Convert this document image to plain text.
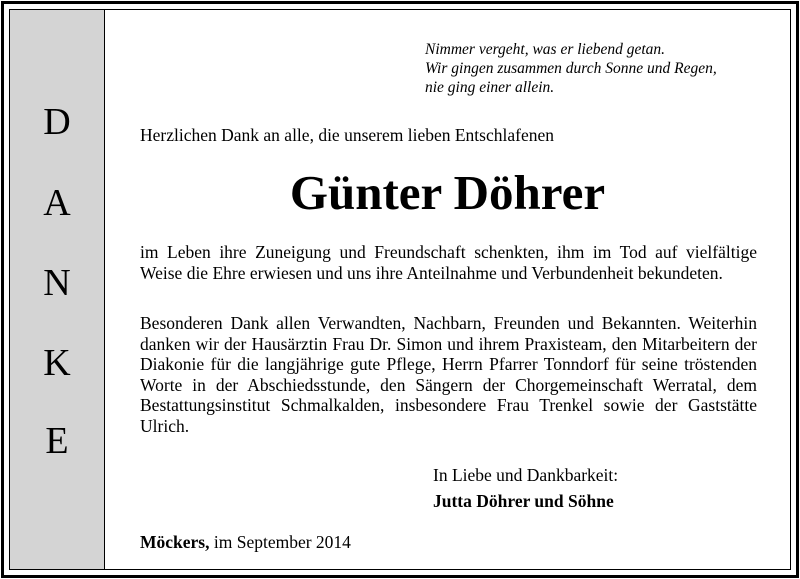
D
A
N
K
E
Nimmer vergeht, was er liebend getan.
Wir gingen zusammen durch Sonne und Regen,
nie ging einer allein.
Herzlichen Dank an alle, die unserem lieben Entschlafenen
Günter Döhrer
im Leben ihre Zuneigung und Freundschaft schenkten, ihm im Tod auf vielfältige Weise die Ehre erwiesen und uns ihre Anteilnahme und Verbundenheit bekundeten.
Besonderen Dank allen Verwandten, Nachbarn, Freunden und Bekannten. Weiterhin danken wir der Hausärztin Frau Dr. Simon und ihrem Praxisteam, den Mitarbeitern der Diakonie für die langjährige gute Pflege, Herrn Pfarrer Tonndorf für seine tröstenden Worte in der Abschiedsstunde, den Sängern der Chorgemeinschaft Werratal, dem Bestattungsinstitut Schmalkalden, insbesondere Frau Trenkel sowie der Gaststätte Ulrich.
In Liebe und Dankbarkeit:
Jutta Döhrer und Söhne
Möckers, im September 2014
